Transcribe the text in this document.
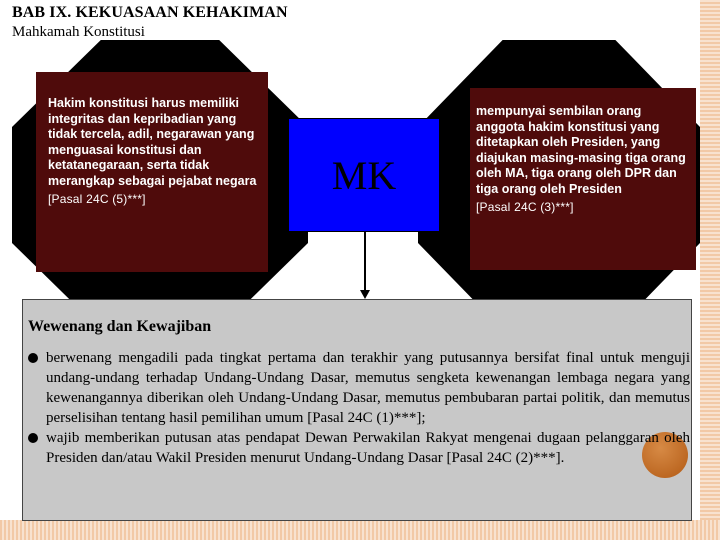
BAB IX. KEKUASAAN KEHAKIMAN
Mahkamah Konstitusi
Hakim konstitusi harus memiliki integritas dan kepribadian yang tidak tercela, adil, negarawan yang menguasai konstitusi dan ketatanegaraan, serta tidak merangkap sebagai pejabat negara
[Pasal 24C (5)***]
mempunyai sembilan orang anggota hakim konstitusi yang ditetapkan oleh Presiden, yang diajukan masing-masing tiga orang oleh MA, tiga orang oleh DPR dan tiga orang oleh Presiden
[Pasal 24C (3)***]
MK
Wewenang dan Kewajiban
berwenang mengadili pada tingkat pertama dan terakhir yang putusannya bersifat final untuk menguji undang-undang terhadap Undang-Undang Dasar, memutus sengketa kewenangan lembaga negara yang kewenangannya diberikan oleh Undang-Undang Dasar, memutus pembubaran partai politik, dan memutus perselisihan tentang hasil pemilihan umum [Pasal 24C (1)***];
wajib memberikan putusan atas pendapat Dewan Perwakilan Rakyat mengenai dugaan pelanggaran oleh Presiden dan/atau Wakil Presiden menurut Undang-Undang Dasar [Pasal 24C (2)***].
